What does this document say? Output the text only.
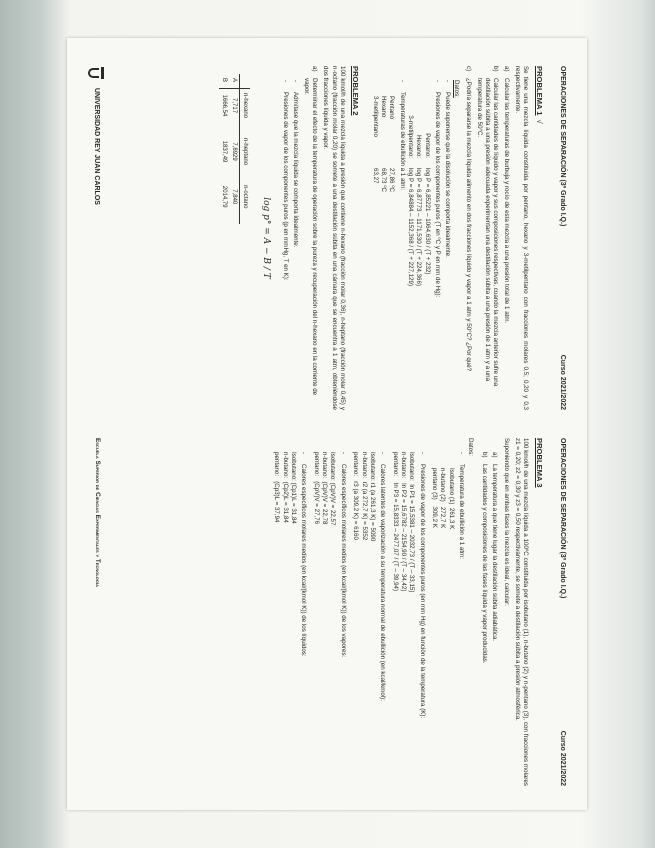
OPERACIONES DE SEPARACIÓN (3º Grado I.Q.)
Curso 2021/2022
PROBLEMA 1√

Se tiene una mezcla líquida constituida por pentano, hexano y 3-metilpentano con fracciones molares 0,5; 0,20 y 0,3 respectivamente.

a)
Calcular las temperaturas de burbuja y rocío de esta mezcla a una presión total de 1 atm.
b)
Calcular las cantidades de líquido y vapor y sus composiciones respectivas, cuando la mezcla anterior sufre una destilación súbita a una presión adecuada experimentan una destilación súbita a una presión de 1 atm y a una temperatura de 50°C.
c)
¿Podría separarse la mezcla líquida alimento en dos fracciones líquido y vapor a 1 atm y 50°C? ¿Por qué?
Datos:
-
Puede suponerse que la disolución se comporta idealmente.
-
Presiones de vapor de los componentes puros (T en ºC y P en mm de Hg):
Pentano:
log P = 6,85221 – 1064,630 / (T + 232)
Hexano:
log P = 6,87773 – 1171,530 / (T + 224,366)
3-metilpentano:
log P = 6,84884 – 1152,368 / (T + 227,129)
-
Temperaturas de ebullición a 1 atm:
Pentano
27,86 ºC
Hexano
68,73 ºC
3-metilpentano
63,27
PROBLEMA 2

100 kmol/h de una mezcla líquida a presión que contiene n-hexano (fracción molar 0,36), n-heptano (fracción molar 0,45) y n-octano (fracción molar 0,20) se somete a una destilación súbita en una cámara que se encuentra a 1 atm, obteniéndose dos fracciones líquida y vapor.

a)
Determinar el efecto de la temperatura de operación sobre la pureza y recuperación del n-hexano en la corriente de vapor.
-
Admítase que la mezcla líquida se comporta idealmente.
-
Presiones de vapor de los componentes puros (p en mmHg, T en K):
log p° = A − B / T
	n-hexano	n-heptano	n-octano
A	7,717	7,8929	7,840
B	1666,54	1837,49	2014,79
UNIVERSIDAD REY JUAN CARLOS
OPERACIONES DE SEPARACIÓN (3º Grado I.Q.)
Curso 2021/2022
PROBLEMA 3

100 kmol/h de una mezcla líquida a 100ºC constituida por isobutano (1), n-butano (2) y n-pentano (3), con fracciones molares z1 = 0,20; z2 = 0,30 y z3 = 0,50 respectivamente, se somete a destilación súbita a presión atmosférica.

Suponiendo que en ambas fases la mezcla es ideal, calcular:

a)
La temperatura a que tiene lugar la destilación súbita adiabática.
b)
Las cantidades y composiciones de las fases líquida y vapor producidas.
Datos:
-
Temperatura de ebullición a 1 atm:
Isobutano (1)  261,3 K
n-butano (2)   272,7 K
pentano (3)    309,2 K
-
Presiones de vapor de los componentes puros (en mm Hg) en función de la temperatura (K):
Isobutano:  ln P1 = 15,5381 – 2032,73 / (T – 33,15)
n-butano:   ln P2 = 15,6782 – 2154,90 / (T – 34,42)
pentano:    ln P3 = 15,8333 – 2477,07 / (T – 39,94)
-
Calores latentes de vaporización a su temperatura normal de ebullición (en kcal/kmol):
Isobutano: r1 (a 261,3 K) = 5090
n-butano:  r2 (a 272,7 K) = 5352
pentano:   r3 (a 309,2 K) = 6160
-
Calores específicos molares medios (en kcal/(kmol K)) de los vapores:
Isobutano: (CpV)V = 22,57
n-butano:  (CpV)V = 22,78
pentano:   (CpV)V = 27,76
-
Calores específicos molares medios (en kcal/(kmol K)) de los líquidos:
Isobutano: (Cp1)L = 31,84
n-butano:  (Cp2)L = 31,84
pentano:   (Cp3)L = 37,94
Escuela Superior de Ciencias Experimentales y Tecnología
